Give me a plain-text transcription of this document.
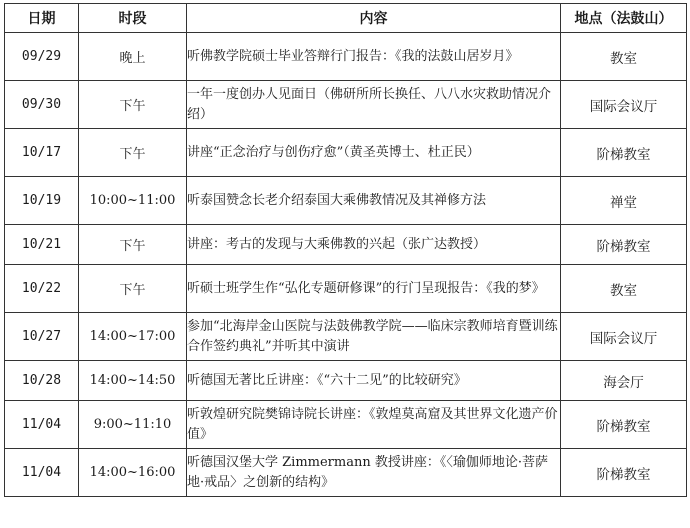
日期	时段	内容	地点（法鼓山）
09/29	晚上	听佛教学院硕士毕业答辩行门报告：《我的法鼓山居岁月》	教室
09/30	下午	一年一度创办人见面日（佛研所所长换任、八八水灾救助情况介绍）	国际会议厅
10/17	下午	讲座“正念治疗与创伤疗愈”（黄圣英博士、杜正民）	阶梯教室
10/19	10:00~11:00	听泰国赞念长老介绍泰国大乘佛教情况及其禅修方法	禅堂
10/21	下午	讲座：考古的发现与大乘佛教的兴起（张广达教授）	阶梯教室
10/22	下午	听硕士班学生作“弘化专题研修课”的行门呈现报告：《我的梦》	教室
10/27	14:00~17:00	参加“北海岸金山医院与法鼓佛教学院——临床宗教师培育暨训练合作签约典礼”并听其中演讲	国际会议厅
10/28	14:00~14:50	听德国无著比丘讲座：《“六十二见”的比较研究》	海会厅
11/04	9:00~11:10	听敦煌研究院樊锦诗院长讲座：《敦煌莫高窟及其世界文化遗产价值》	阶梯教室
11/04	14:00~16:00	听德国汉堡大学 Zimmermann 教授讲座：《〈瑜伽师地论·菩萨地·戒品〉之创新的结构》	阶梯教室
